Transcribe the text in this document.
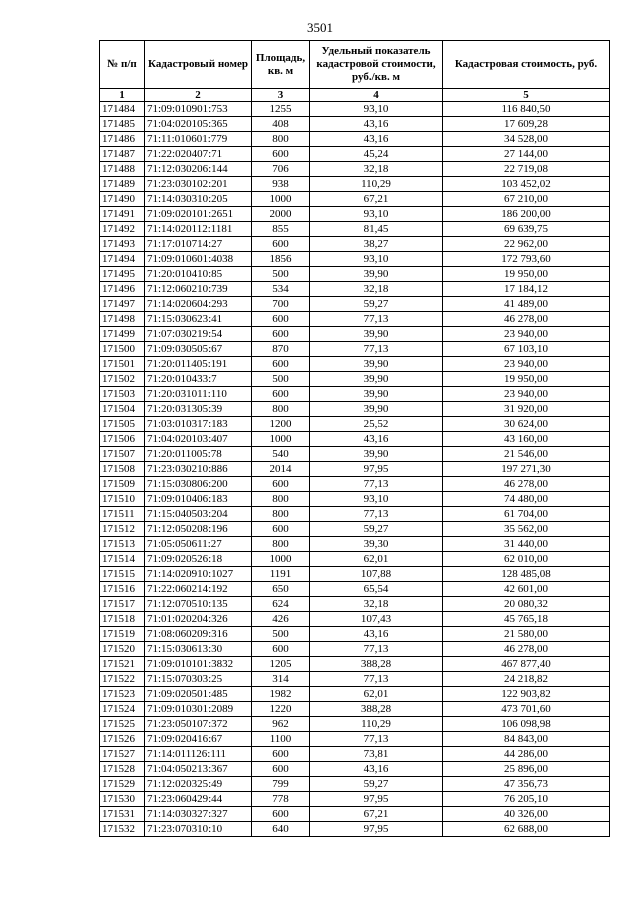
3501
№ п/п	Кадастровый номер	Площадь, кв. м	Удельный показатель кадастровой стоимости, руб./кв. м	Кадастровая стоимость, руб.
1	2	3	4	5
171484	71:09:010901:753	1255	93,10	116 840,50
171485	71:04:020105:365	408	43,16	17 609,28
171486	71:11:010601:779	800	43,16	34 528,00
171487	71:22:020407:71	600	45,24	27 144,00
171488	71:12:030206:144	706	32,18	22 719,08
171489	71:23:030102:201	938	110,29	103 452,02
171490	71:14:030310:205	1000	67,21	67 210,00
171491	71:09:020101:2651	2000	93,10	186 200,00
171492	71:14:020112:1181	855	81,45	69 639,75
171493	71:17:010714:27	600	38,27	22 962,00
171494	71:09:010601:4038	1856	93,10	172 793,60
171495	71:20:010410:85	500	39,90	19 950,00
171496	71:12:060210:739	534	32,18	17 184,12
171497	71:14:020604:293	700	59,27	41 489,00
171498	71:15:030623:41	600	77,13	46 278,00
171499	71:07:030219:54	600	39,90	23 940,00
171500	71:09:030505:67	870	77,13	67 103,10
171501	71:20:011405:191	600	39,90	23 940,00
171502	71:20:010433:7	500	39,90	19 950,00
171503	71:20:031011:110	600	39,90	23 940,00
171504	71:20:031305:39	800	39,90	31 920,00
171505	71:03:010317:183	1200	25,52	30 624,00
171506	71:04:020103:407	1000	43,16	43 160,00
171507	71:20:011005:78	540	39,90	21 546,00
171508	71:23:030210:886	2014	97,95	197 271,30
171509	71:15:030806:200	600	77,13	46 278,00
171510	71:09:010406:183	800	93,10	74 480,00
171511	71:15:040503:204	800	77,13	61 704,00
171512	71:12:050208:196	600	59,27	35 562,00
171513	71:05:050611:27	800	39,30	31 440,00
171514	71:09:020526:18	1000	62,01	62 010,00
171515	71:14:020910:1027	1191	107,88	128 485,08
171516	71:22:060214:192	650	65,54	42 601,00
171517	71:12:070510:135	624	32,18	20 080,32
171518	71:01:020204:326	426	107,43	45 765,18
171519	71:08:060209:316	500	43,16	21 580,00
171520	71:15:030613:30	600	77,13	46 278,00
171521	71:09:010101:3832	1205	388,28	467 877,40
171522	71:15:070303:25	314	77,13	24 218,82
171523	71:09:020501:485	1982	62,01	122 903,82
171524	71:09:010301:2089	1220	388,28	473 701,60
171525	71:23:050107:372	962	110,29	106 098,98
171526	71:09:020416:67	1100	77,13	84 843,00
171527	71:14:011126:111	600	73,81	44 286,00
171528	71:04:050213:367	600	43,16	25 896,00
171529	71:12:020325:49	799	59,27	47 356,73
171530	71:23:060429:44	778	97,95	76 205,10
171531	71:14:030327:327	600	67,21	40 326,00
171532	71:23:070310:10	640	97,95	62 688,00
